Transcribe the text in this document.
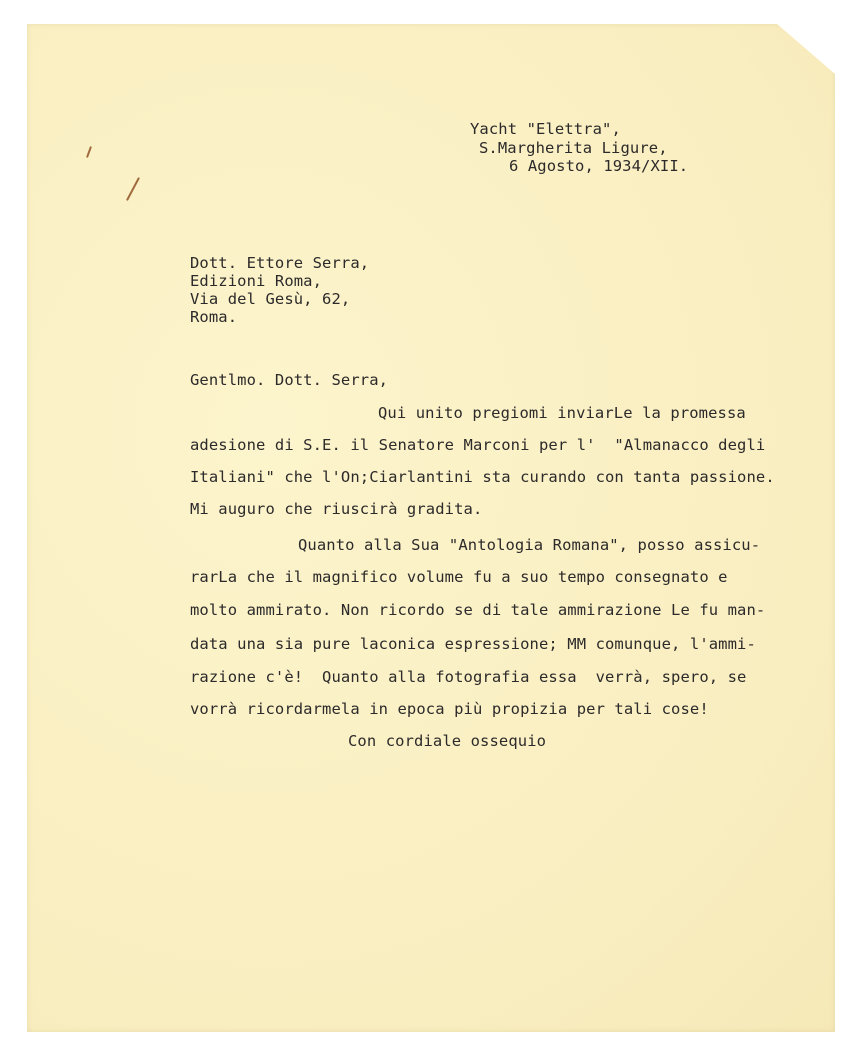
Yacht "Elettra",
S.Margherita Ligure,
6 Agosto, 1934/XII.
Dott. Ettore Serra,
Edizioni Roma,
Via del Gesù, 62,
Roma.
Gentlmo. Dott. Serra,
Qui unito pregiomi inviarLe la promessa
adesione di S.E. il Senatore Marconi per l'  "Almanacco degli
Italiani" che l'On;Ciarlantini sta curando con tanta passione.
Mi auguro che riuscirà gradita.
Quanto alla Sua "Antologia Romana", posso assicu-
rarLa che il magnifico volume fu a suo tempo consegnato e
molto ammirato. Non ricordo se di tale ammirazione Le fu man-
data una sia pure laconica espressione; MM comunque, l'ammi-
razione c'è!  Quanto alla fotografia essa  verrà, spero, se
vorrà ricordarmela in epoca più propizia per tali cose!
Con cordiale ossequio
